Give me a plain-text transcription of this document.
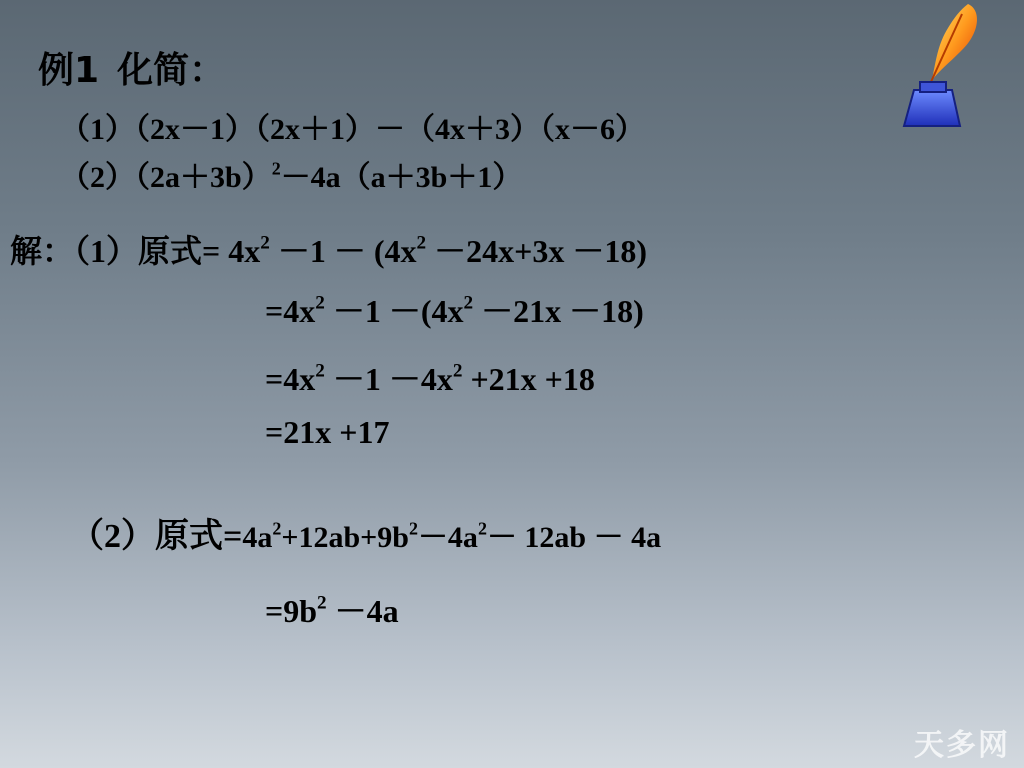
例1 化简：
（1）（2x－1）（2x＋1）－（4x＋3）（x－6）
$(2)(2a+3b)^2-4a(a+3b+1)$
解：（1）原式= $4x^2 -1 - (4x^2 -24x+3x -18)$
$=4x^2 -1 -(4x^2 -21x -18)$
$=4x^2 -1 -4x^2 +21x +18$
=21x +17
（2）原式$=4a^2+12ab+9b^2-4a^2- 12ab - 4a$
$=9b^2 -4a$
天多网
